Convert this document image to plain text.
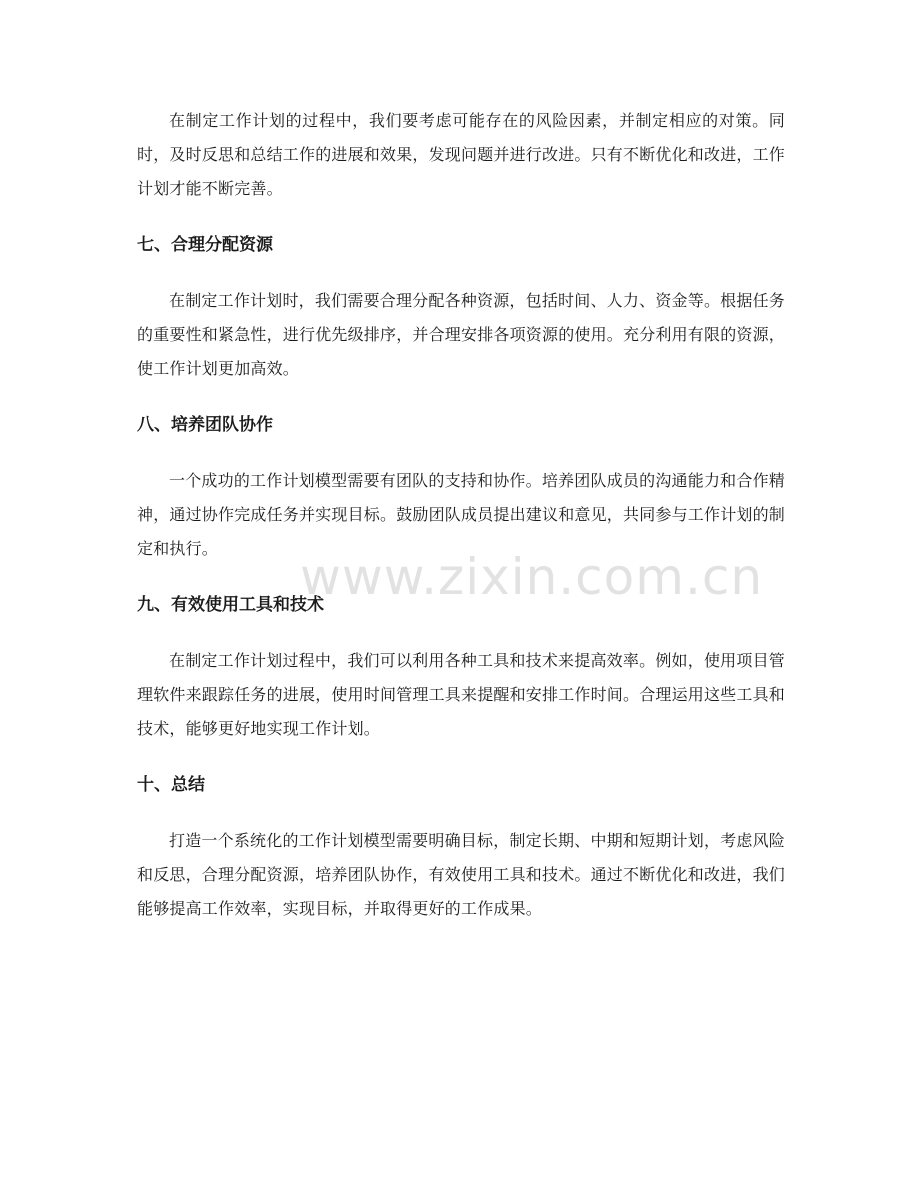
在制定工作计划的过程中，我们要考虑可能存在的风险因素，并制定相应的对策。同时，及时反思和总结工作的进展和效果，发现问题并进行改进。只有不断优化和改进，工作计划才能不断完善。

七、合理分配资源

在制定工作计划时，我们需要合理分配各种资源，包括时间、人力、资金等。根据任务的重要性和紧急性，进行优先级排序，并合理安排各项资源的使用。充分利用有限的资源，使工作计划更加高效。

八、培养团队协作

一个成功的工作计划模型需要有团队的支持和协作。培养团队成员的沟通能力和合作精神，通过协作完成任务并实现目标。鼓励团队成员提出建议和意见，共同参与工作计划的制定和执行。

九、有效使用工具和技术

在制定工作计划过程中，我们可以利用各种工具和技术来提高效率。例如，使用项目管理软件来跟踪任务的进展，使用时间管理工具来提醒和安排工作时间。合理运用这些工具和技术，能够更好地实现工作计划。

十、总结

打造一个系统化的工作计划模型需要明确目标，制定长期、中期和短期计划，考虑风险和反思，合理分配资源，培养团队协作，有效使用工具和技术。通过不断优化和改进，我们能够提高工作效率，实现目标，并取得更好的工作成果。

www.zixin.com.cn
